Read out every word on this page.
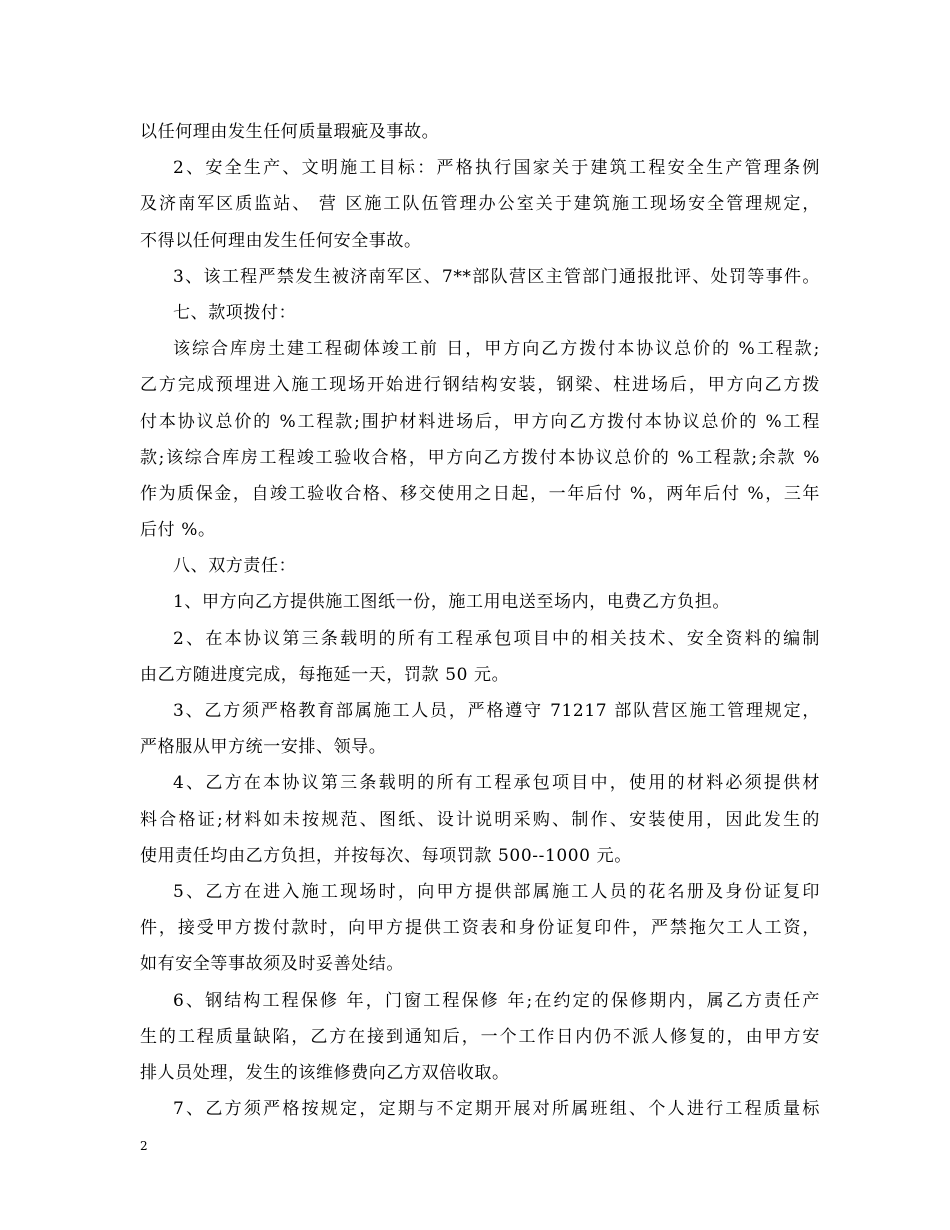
以任何理由发生任何质量瑕疵及事故。
2、安全生产、文明施工目标：严格执行国家关于建筑工程安全生产管理条例
及济南军区质监站、 营 区施工队伍管理办公室关于建筑施工现场安全管理规定，
不得以任何理由发生任何安全事故。
3、该工程严禁发生被济南军区、7**部队营区主管部门通报批评、处罚等事件。
七、款项拨付：
该综合库房土建工程砌体竣工前 日，甲方向乙方拨付本协议总价的 %工程款;
乙方完成预埋进入施工现场开始进行钢结构安装，钢梁、柱进场后，甲方向乙方拨
付本协议总价的 %工程款;围护材料进场后，甲方向乙方拨付本协议总价的 %工程
款;该综合库房工程竣工验收合格，甲方向乙方拨付本协议总价的 %工程款;余款 %
作为质保金，自竣工验收合格、移交使用之日起，一年后付 %，两年后付 %，三年
后付 %。
八、双方责任：
1、甲方向乙方提供施工图纸一份，施工用电送至场内，电费乙方负担。
2、在本协议第三条载明的所有工程承包项目中的相关技术、安全资料的编制
由乙方随进度完成，每拖延一天，罚款 50 元。
3、乙方须严格教育部属施工人员，严格遵守 71217 部队营区施工管理规定，
严格服从甲方统一安排、领导。
4、乙方在本协议第三条载明的所有工程承包项目中，使用的材料必须提供材
料合格证;材料如未按规范、图纸、设计说明采购、制作、安装使用，因此发生的
使用责任均由乙方负担，并按每次、每项罚款 500--1000 元。
5、乙方在进入施工现场时，向甲方提供部属施工人员的花名册及身份证复印
件，接受甲方拨付款时，向甲方提供工资表和身份证复印件，严禁拖欠工人工资，
如有安全等事故须及时妥善处结。
6、钢结构工程保修 年，门窗工程保修 年;在约定的保修期内，属乙方责任产
生的工程质量缺陷，乙方在接到通知后，一个工作日内仍不派人修复的，由甲方安
排人员处理，发生的该维修费向乙方双倍收取。
7、乙方须严格按规定，定期与不定期开展对所属班组、个人进行工程质量标
2
